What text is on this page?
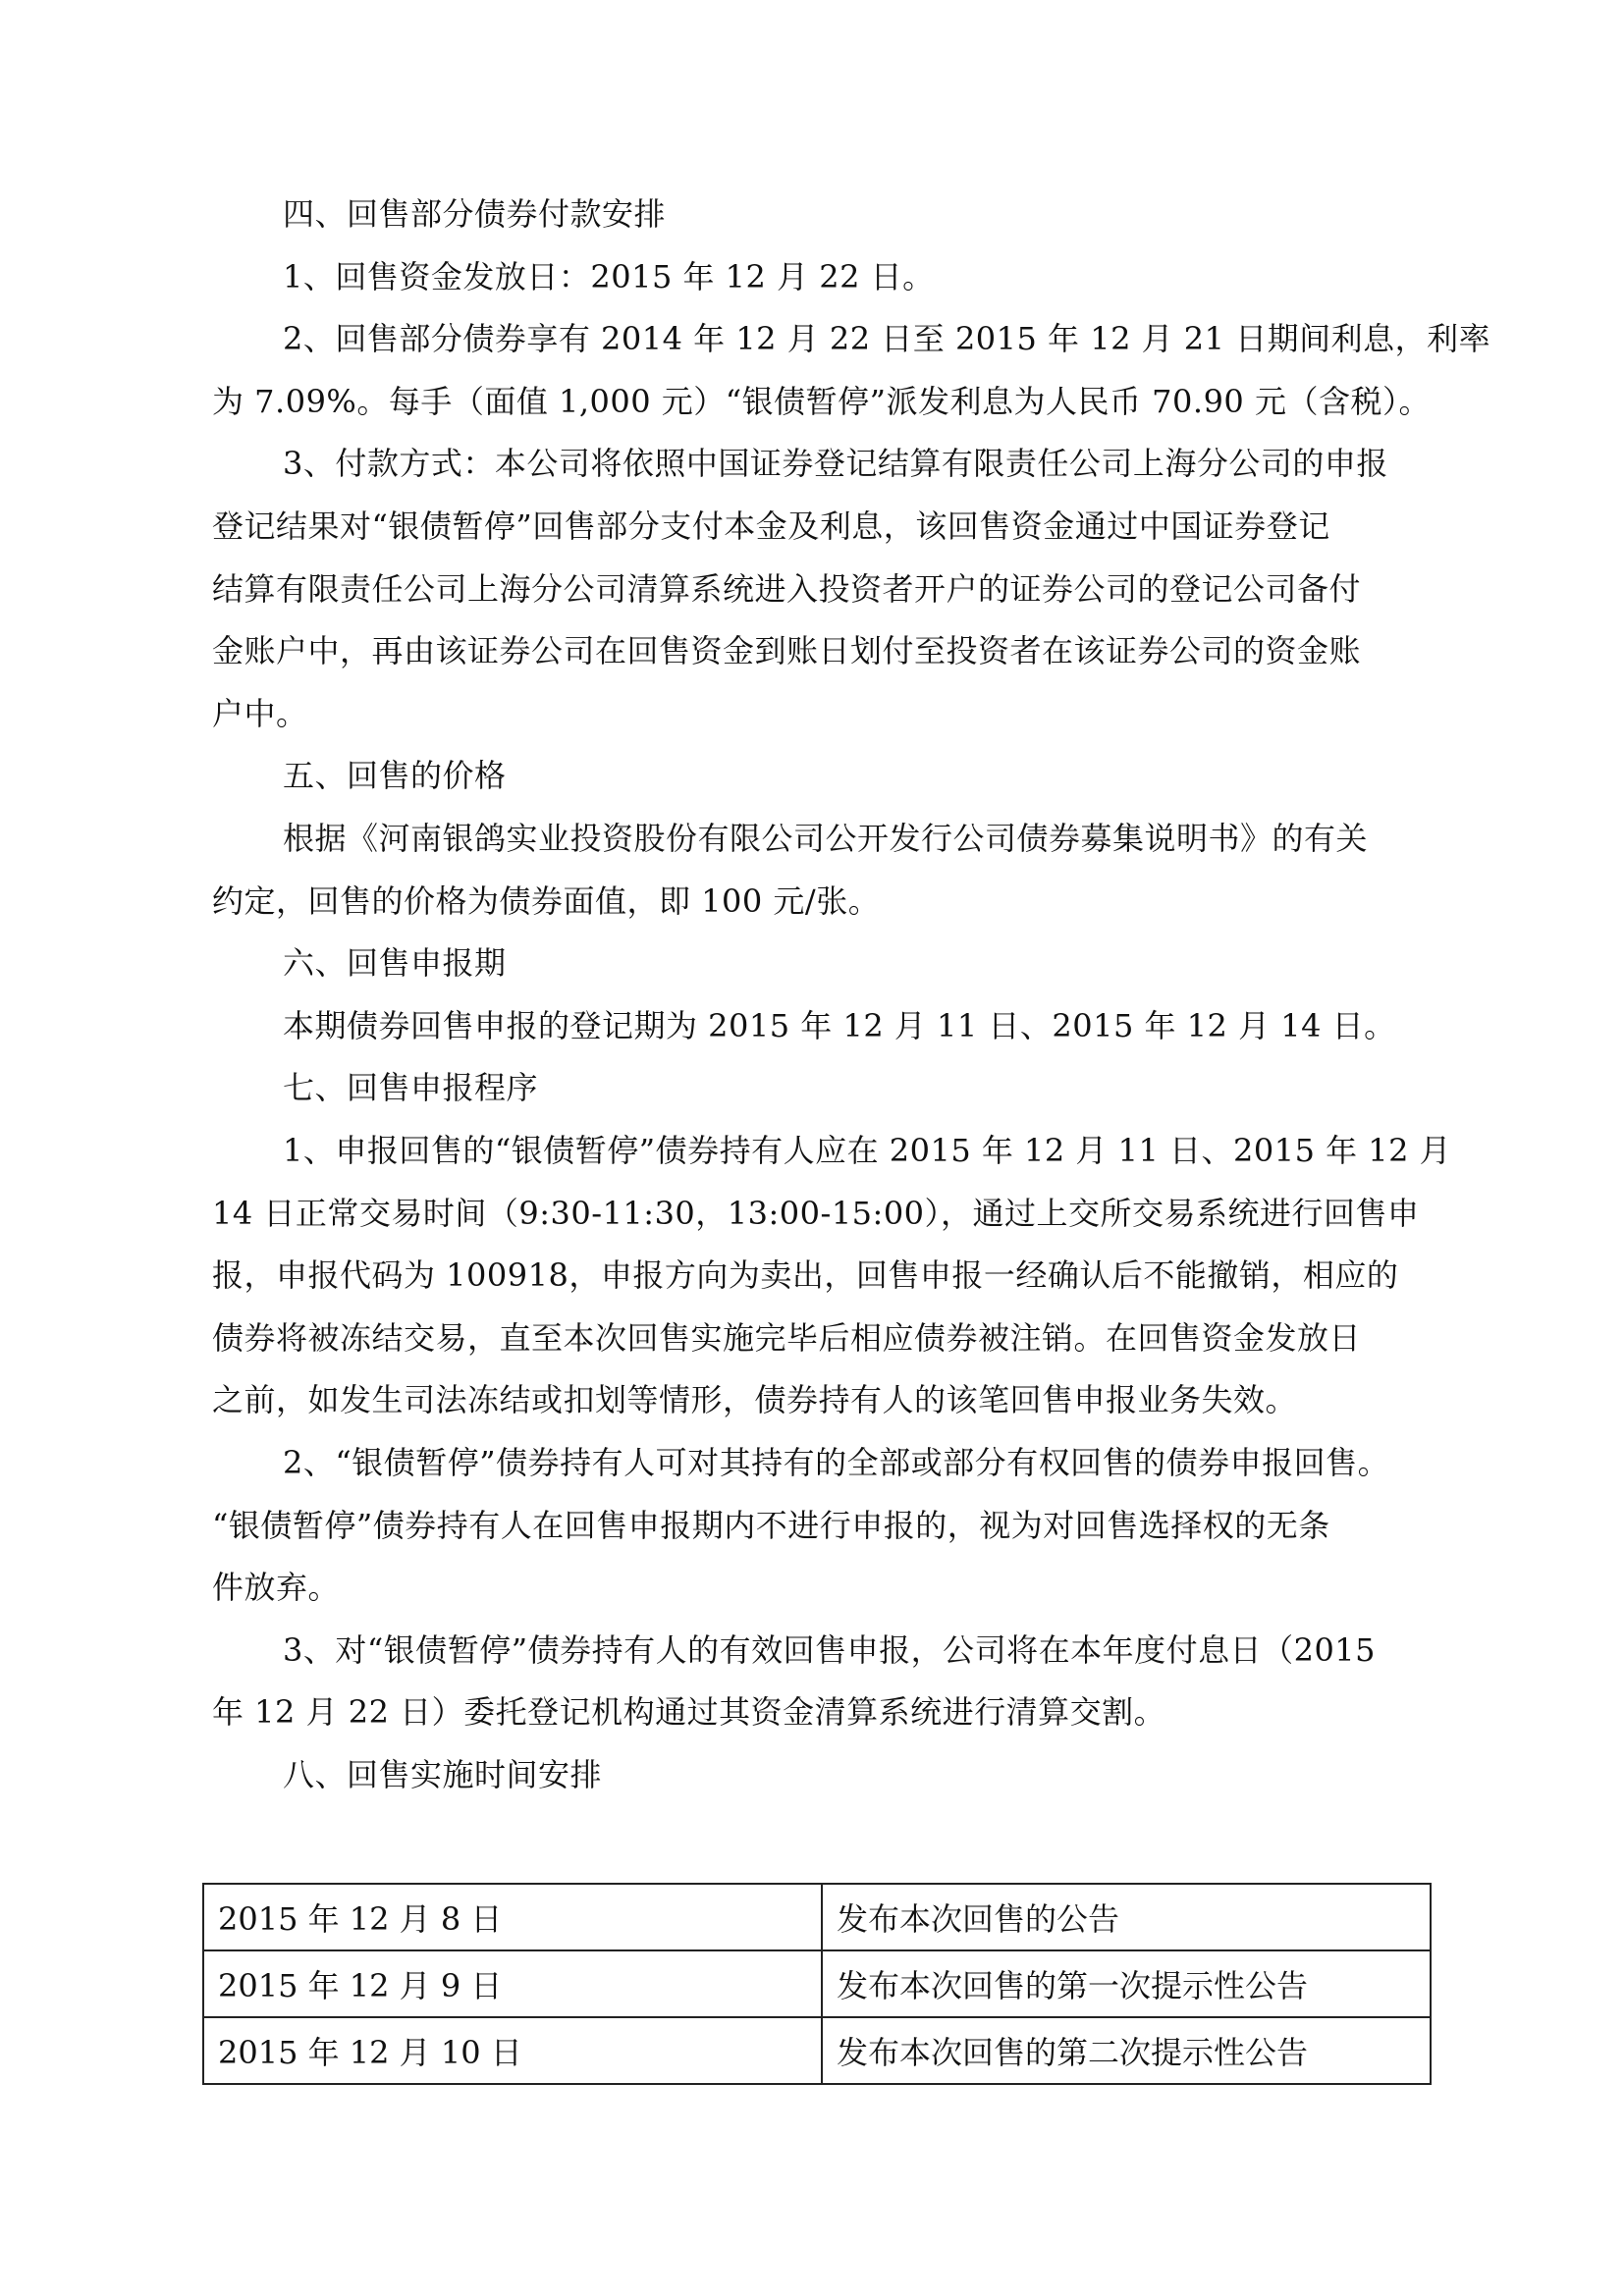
四、回售部分债券付款安排
1、回售资金发放日：2015 年 12 月 22 日。
2、回售部分债券享有 2014 年 12 月 22 日至 2015 年 12 月 21 日期间利息，利率
为 7.09%。每手（面值 1,000 元）“银债暂停”派发利息为人民币 70.90 元（含税）。
3、付款方式：本公司将依照中国证券登记结算有限责任公司上海分公司的申报
登记结果对“银债暂停”回售部分支付本金及利息，该回售资金通过中国证券登记
结算有限责任公司上海分公司清算系统进入投资者开户的证券公司的登记公司备付
金账户中，再由该证券公司在回售资金到账日划付至投资者在该证券公司的资金账
户中。
五、回售的价格
根据《河南银鸽实业投资股份有限公司公开发行公司债券募集说明书》的有关
约定，回售的价格为债券面值，即 100 元/张。
六、回售申报期
本期债券回售申报的登记期为 2015 年 12 月 11 日、2015 年 12 月 14 日。
七、回售申报程序
1、申报回售的“银债暂停”债券持有人应在 2015 年 12 月 11 日、2015 年 12 月
14 日正常交易时间（9:30-11:30，13:00-15:00），通过上交所交易系统进行回售申
报，申报代码为 100918，申报方向为卖出，回售申报一经确认后不能撤销，相应的
债券将被冻结交易，直至本次回售实施完毕后相应债券被注销。在回售资金发放日
之前，如发生司法冻结或扣划等情形，债券持有人的该笔回售申报业务失效。
2、“银债暂停”债券持有人可对其持有的全部或部分有权回售的债券申报回售。
“银债暂停”债券持有人在回售申报期内不进行申报的，视为对回售选择权的无条
件放弃。
3、对“银债暂停”债券持有人的有效回售申报，公司将在本年度付息日（2015
年 12 月 22 日）委托登记机构通过其资金清算系统进行清算交割。
八、回售实施时间安排
2015 年 12 月 8 日	发布本次回售的公告
2015 年 12 月 9 日	发布本次回售的第一次提示性公告
2015 年 12 月 10 日	发布本次回售的第二次提示性公告
